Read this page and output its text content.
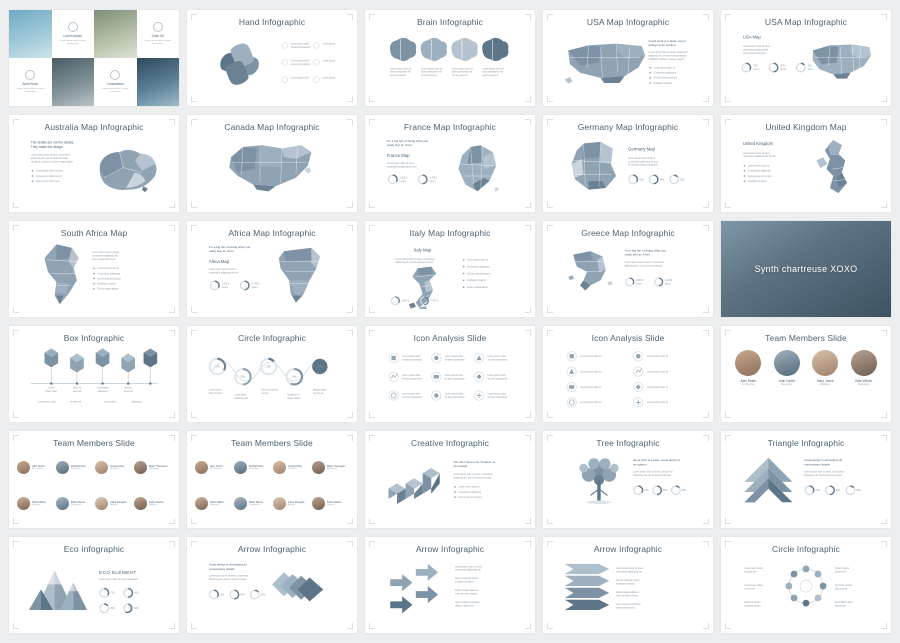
Lorem Ipsum
Lorem ipsum dolor sit amet consectetur
Dolor Sit
Lorem ipsum dolor sit amet consectetur
Amet Nunc
Lorem ipsum dolor sit amet consectetur
Consectetur
Lorem ipsum dolor sit amet consectetur
Hand Infographic
Lorem ipsum dolor
sit amet consectetur
Lorem ipsum
Lorem ipsum dolor
sit amet consectetur
Lorem ipsum
Lorem ipsum dolor	Lorem ipsum
Brain Infographic
Lorem ipsum dolor sit
amet consectetur elit
sed do eiusmod
Lorem ipsum dolor sit
amet consectetur elit
sed do eiusmod
Lorem ipsum dolor sit
amet consectetur elit
sed do eiusmod
Lorem ipsum dolor sit
amet consectetur elit
sed do eiusmod
USA Map Infographic
Good work is a taste. Good
design is an opinion.
Lorem ipsum dolor sit amet, consectetur
adipiscing elit, sed do eiusmod tempor
incididunt ut labore et dolore magna.
Lorem ipsum dolor sit
Consectetur adipiscing
Sed do eiusmod tempor
Incididunt ut labore
USA Map Infographic
USA Map
Lorem ipsum dolor sit amet,
consectetur adipiscing elit,
sed do eiusmod tempor.
75%
Lorem
50%
Ipsum
25%
Dolor
Australia Map Infographic
The details are not the details.
They make the design.
Lorem ipsum dolor sit amet, consectetur
adipiscing elit, sed do eiusmod tempor
incididunt ut labore et dolore magna aliqua.
Lorem ipsum dolor sit amet
Consectetur adipiscing elit
Sed do eiusmod tempor
Canada Map Infographic	France Map Infographic
I'm a big fan of doing what you
really feel at. A bet.
France Map
Lorem ipsum dolor sit amet,
consectetur adipiscing elit sed.
2.000 $
Lorem
3.478 $
Ipsum
Germany Map Infographic
Germany Map
Lorem ipsum dolor sit amet,
consectetur adipiscing elit sed
do eiusmod tempor incididunt.
75%	50%	25%
United Kingdom Map
United Kingdom
Lorem ipsum dolor sit amet,
consectetur adipiscing elit sed do.
Lorem ipsum dolor sit
Consectetur adipiscing
Sed do eiusmod tempor
Incididunt ut labore
South Africa Map
Lorem ipsum dolor sit amet,
consectetur adipiscing elit,
sed do eiusmod tempor.
Lorem ipsum dolor sit
Consectetur adipiscing
Sed do eiusmod tempor
Incididunt ut labore
Dolore magna aliqua
Africa Map Infographic
I'm a big fan of doing what you
really feel at. A bet.
Africa Map
Lorem ipsum dolor sit amet,
consectetur adipiscing elit sed.
2.000 $
Lorem
3.478 $
Ipsum
Italy Map Infographic
Italy Map
Lorem ipsum dolor sit amet, consectetur
adipiscing elit, sed do eiusmod tempor.
2.000 $	3.478 $
Lorem ipsum dolor sit
Consectetur adipiscing
Sed do eiusmod tempor
Incididunt ut labore
Dolore magna aliqua
Greece Map Infographic
I'm a big fan of doing what you
really feel at. A bet.
Lorem ipsum dolor sit amet, consectetur
adipiscing elit, sed do eiusmod tempor.
2.000 $
Lorem
3.478 $
Ipsum
Synth chartreuse XOXO
Box Infographic
Lorem
ipsum dolor
Dolor sit
amet elit
Consectetur
adipiscing
Sed do
eiusmod
Lorem ipsum dolor	sit amet elit	consectetur	adipiscing
Circle Infographic
75%
50%
25%
90%
100%
Lorem ipsum
dolor sit amet
Consectetur
adipiscing elit
Sed do eiusmod
tempor
Incididunt ut
labore dolore
Magna aliqua
ut enim ad
Icon Analysis Slide
Lorem ipsum dolor
sit amet consectetur
Lorem ipsum dolor
sit amet consectetur
Lorem ipsum dolor
sit amet consectetur
Lorem ipsum dolor
sit amet consectetur
Lorem ipsum dolor
sit amet consectetur
Lorem ipsum dolor
sit amet consectetur
Lorem ipsum dolor
sit amet consectetur
Lorem ipsum dolor
sit amet consectetur
Lorem ipsum dolor
sit amet consectetur
Icon Analysis Slide
Lorem ipsum dolor sit	Lorem ipsum dolor sit
Lorem ipsum dolor sit	Lorem ipsum dolor sit
Lorem ipsum dolor sit	Lorem ipsum dolor sit
Lorem ipsum dolor sit	Lorem ipsum dolor sit
Team Members Slide
Alex Smith
Art Director
John Carter
Developer
Mary Jones
Designer
Kate Wilson
Marketing
Team Members Slide
Alex Smith
Art Director
Richard Roe
Developer
Jessica Day
Designer
Mark Thompson
Marketing
Olivia White
Manager
Brian Moore
Copywriter
Clare Douglas
Analyst
Kelly Adams
Support
Team Members Slide
Alex Smith
Art Director
Richard Roe
Developer
Jessica Day
Designer
Mark Thompson
Marketing
Olivia White
Manager
Brian Moore
Copywriter
Clare Douglas
Analyst
Kelly Adams
Support
Creative Infographic
You don't here to be "creative" to
be created.
Lorem ipsum dolor sit amet, consectetur
adipiscing elit, sed do eiusmod tempor.
Lorem ipsum dolor sit
Consectetur adipiscing
Sed do eiusmod tempor
Tree Infographic
Good work is a taste. Good design is
an opinion.
Lorem ipsum dolor sit amet, consectetur
adipiscing elit, sed do eiusmod tempor.
75%	50%	25%
Triangle Infographic
Great design is eliminating all
unnecessary details.
Lorem ipsum dolor sit amet, consectetur
adipiscing elit, sed do eiusmod tempor.
75%	50%	25%
Eco Infographic
ECO ELEMENT
Lorem ipsum dolor sit amet consectetur
75%	50%
25%	90%
Arrow Infographic
Great design is eliminating all
unnecessary details.
Lorem ipsum dolor sit amet, consectetur
adipiscing elit, sed do eiusmod tempor.
75%	50%	25%
Arrow Infographic
Lorem ipsum dolor sit amet,
consectetur adipiscing elit.
Sed do eiusmod tempor
incididunt ut labore.
Dolore magna aliqua ut
enim ad minim veniam.
Quis nostrud exercitation
ullamco laboris nisi.
Arrow Infographic
Lorem ipsum dolor sit amet,
consectetur adipiscing elit.
Sed do eiusmod tempor
incididunt ut labore.
Dolore magna aliqua ut
enim ad minim veniam.
Quis nostrud exercitation
ullamco laboris nisi.
Circle Infographic
Lorem ipsum dolor
sit amet elit
Consectetur adipis
elit sed do
Eiusmod tempor
incididunt labore
Dolore magna
aliqua enim
Ad minim veniam
quis nostrud
Exercitation ullam
laboris nisi
